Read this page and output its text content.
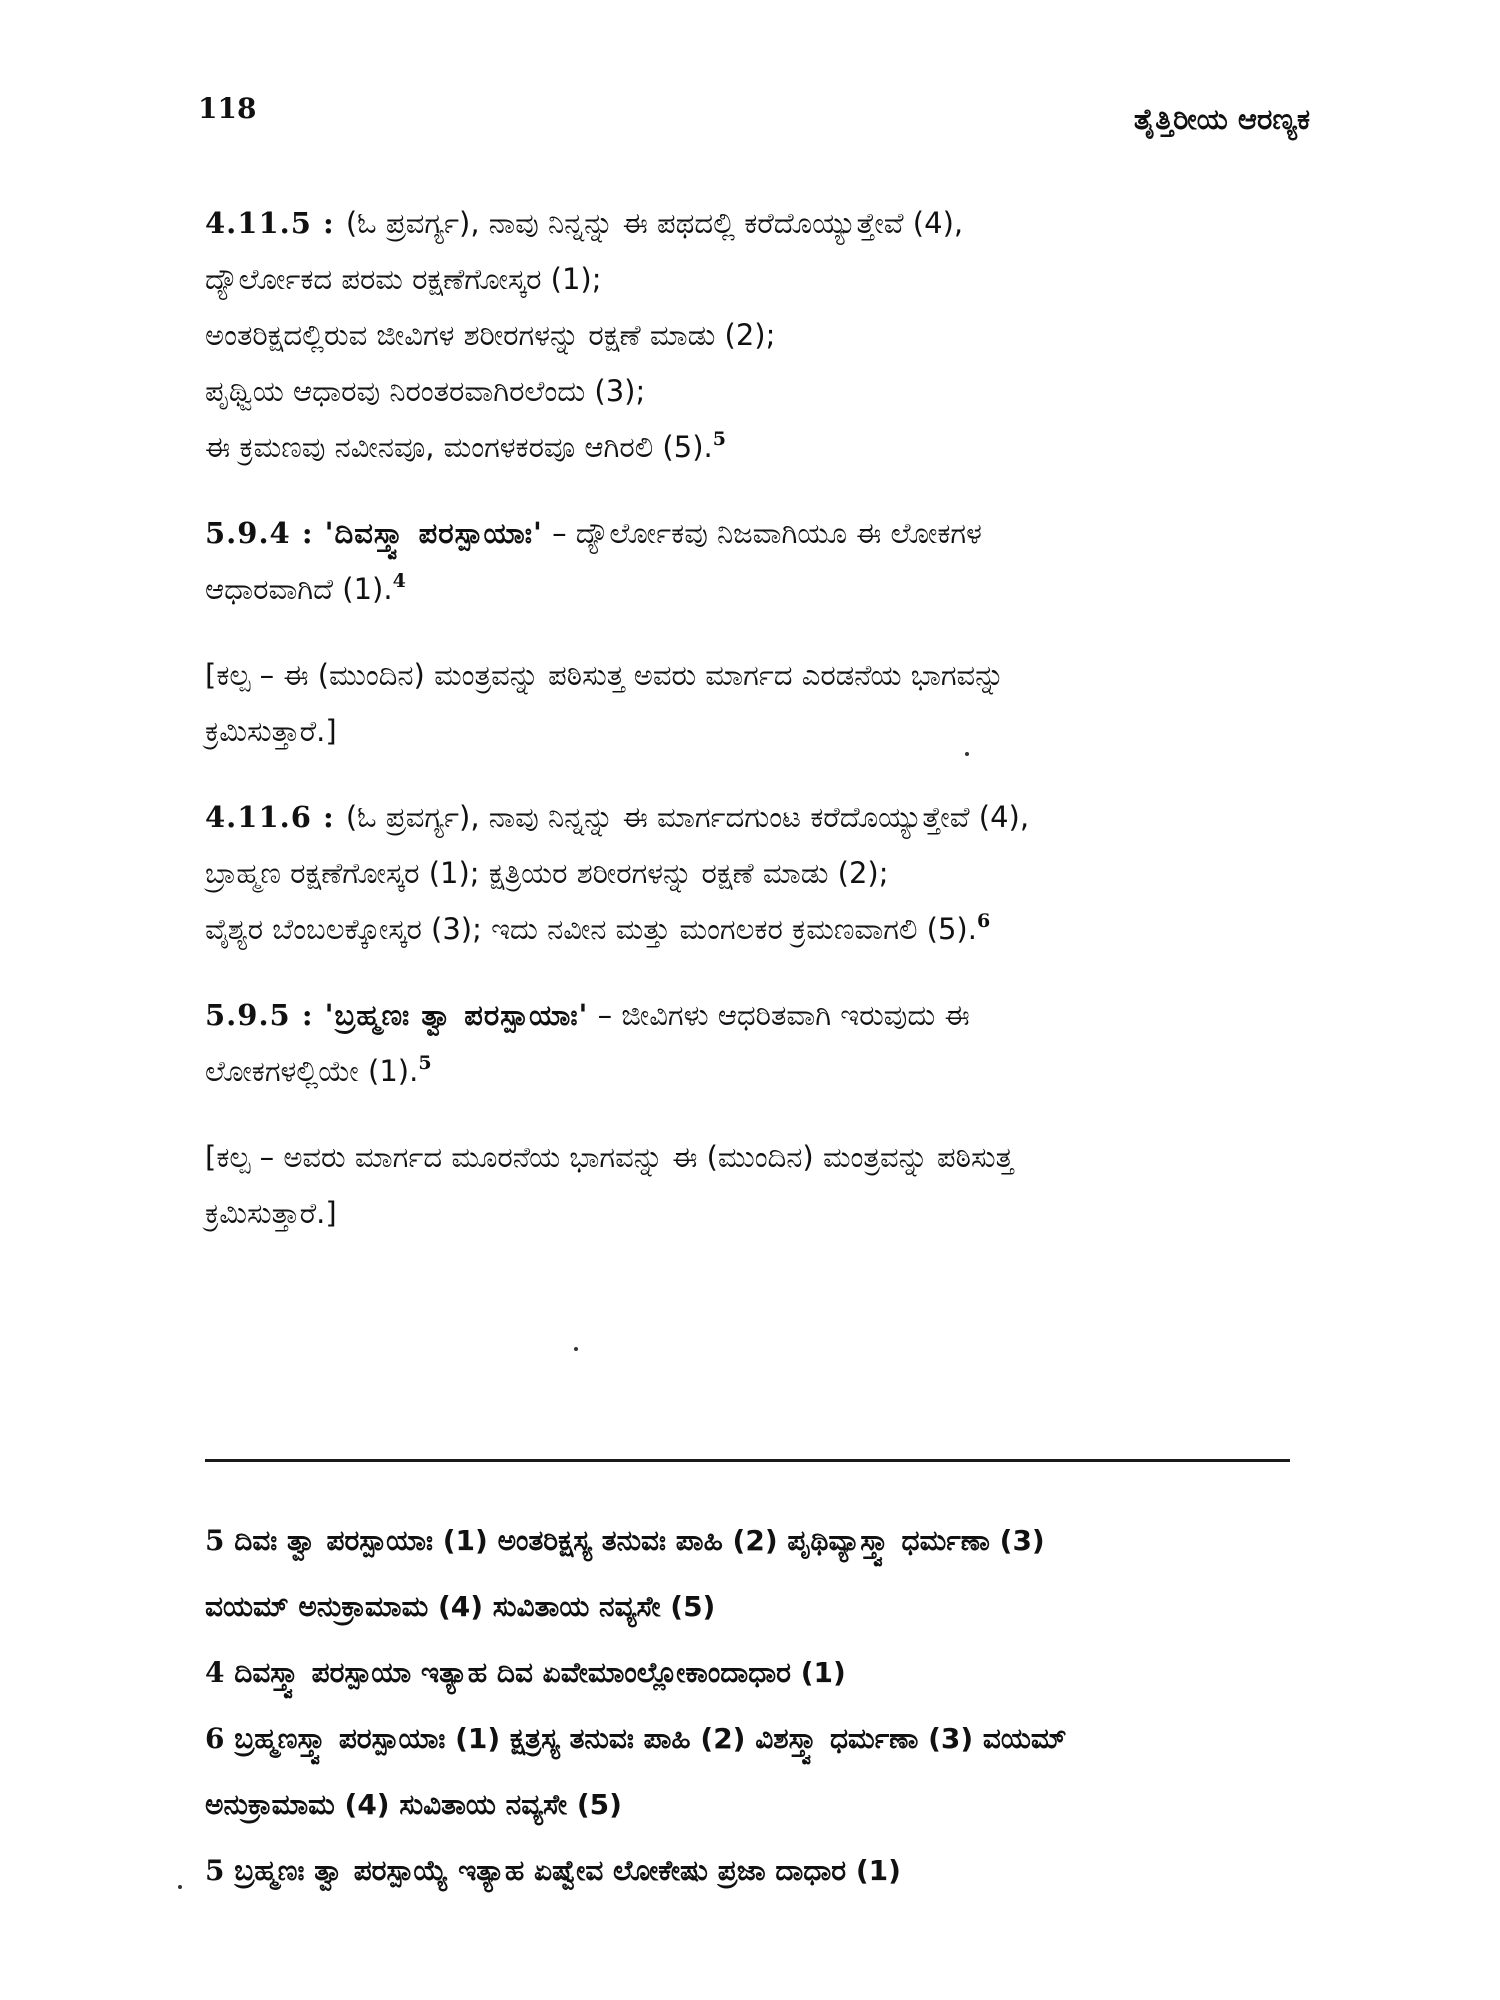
118	ತೈತ್ತಿರೀಯ ಆರಣ್ಯಕ
4.11.5 : (ಓ ಪ್ರವರ್ಗ್ಯ), ನಾವು ನಿನ್ನನ್ನು ಈ ಪಥದಲ್ಲಿ ಕರೆದೊಯ್ಯುತ್ತೇವೆ (4),
ದ್ಯೌರ್ಲೋಕದ ಪರಮ ರಕ್ಷಣೆಗೋಸ್ಕರ (1);
ಅಂತರಿಕ್ಷದಲ್ಲಿರುವ ಜೀವಿಗಳ ಶರೀರಗಳನ್ನು ರಕ್ಷಣೆ ಮಾಡು (2);
ಪೃಥ್ವಿಯ ಆಧಾರವು ನಿರಂತರವಾಗಿರಲೆಂದು (3);
ಈ ಕ್ರಮಣವು ನವೀನವೂ, ಮಂಗಳಕರವೂ ಆಗಿರಲಿ (5).$^5$
5.9.4 : 'ದಿವಸ್ತ್ವಾ ಪರಸ್ಪಾಯಾಃ' – ದ್ಯೌರ್ಲೋಕವು ನಿಜವಾಗಿಯೂ ಈ ಲೋಕಗಳ
ಆಧಾರವಾಗಿದೆ (1).$^4$
[ಕಲ್ಪ – ಈ (ಮುಂದಿನ) ಮಂತ್ರವನ್ನು ಪಠಿಸುತ್ತ ಅವರು ಮಾರ್ಗದ ಎರಡನೆಯ ಭಾಗವನ್ನು
ಕ್ರಮಿಸುತ್ತಾರೆ.]
4.11.6 : (ಓ ಪ್ರವರ್ಗ್ಯ), ನಾವು ನಿನ್ನನ್ನು ಈ ಮಾರ್ಗದಗುಂಟ ಕರೆದೊಯ್ಯುತ್ತೇವೆ (4),
ಬ್ರಾಹ್ಮಣ ರಕ್ಷಣೆಗೋಸ್ಕರ (1); ಕ್ಷತ್ರಿಯರ ಶರೀರಗಳನ್ನು ರಕ್ಷಣೆ ಮಾಡು (2);
ವೈಶ್ಯರ ಬೆಂಬಲಕ್ಕೋಸ್ಕರ (3); ಇದು ನವೀನ ಮತ್ತು ಮಂಗಲಕರ ಕ್ರಮಣವಾಗಲಿ (5).$^6$
5.9.5 : 'ಬ್ರಹ್ಮಣಃ ತ್ವಾ ಪರಸ್ಪಾಯಾಃ' – ಜೀವಿಗಳು ಆಧರಿತವಾಗಿ ಇರುವುದು ಈ
ಲೋಕಗಳಲ್ಲಿಯೇ (1).$^5$
[ಕಲ್ಪ – ಅವರು ಮಾರ್ಗದ ಮೂರನೆಯ ಭಾಗವನ್ನು ಈ (ಮುಂದಿನ) ಮಂತ್ರವನ್ನು ಪಠಿಸುತ್ತ
ಕ್ರಮಿಸುತ್ತಾರೆ.]
5 ದಿವಃ ತ್ವಾ ಪರಸ್ಪಾಯಾಃ (1) ಅಂತರಿಕ್ಷಸ್ಯ ತನುವಃ ಪಾಹಿ (2) ಪೃಥಿವ್ಯಾಸ್ತ್ವಾ ಧರ್ಮಣಾ (3)
ವಯಮ್ ಅನುಕ್ರಾಮಾಮ (4) ಸುವಿತಾಯ ನವ್ಯಸೇ (5)
4 ದಿವಸ್ತ್ವಾ ಪರಸ್ಪಾಯಾ ಇತ್ಯಾಹ ದಿವ ಏವೇಮಾಂಲ್ಲೋಕಾಂದಾಧಾರ (1)
6 ಬ್ರಹ್ಮಣಸ್ತ್ವಾ ಪರಸ್ಪಾಯಾಃ (1) ಕ್ಷತ್ರಸ್ಯ ತನುವಃ ಪಾಹಿ (2) ವಿಶಸ್ತ್ವಾ ಧರ್ಮಣಾ (3) ವಯಮ್
ಅನುಕ್ರಾಮಾಮ (4) ಸುವಿತಾಯ ನವ್ಯಸೇ (5)
5 ಬ್ರಹ್ಮಣಃ ತ್ವಾ ಪರಸ್ಪಾಯ್ಯೆ ಇತ್ಯಾಹ ಏಷ್ವೇವ ಲೋಕೇಷು ಪ್ರಜಾ ದಾಧಾರ (1)
